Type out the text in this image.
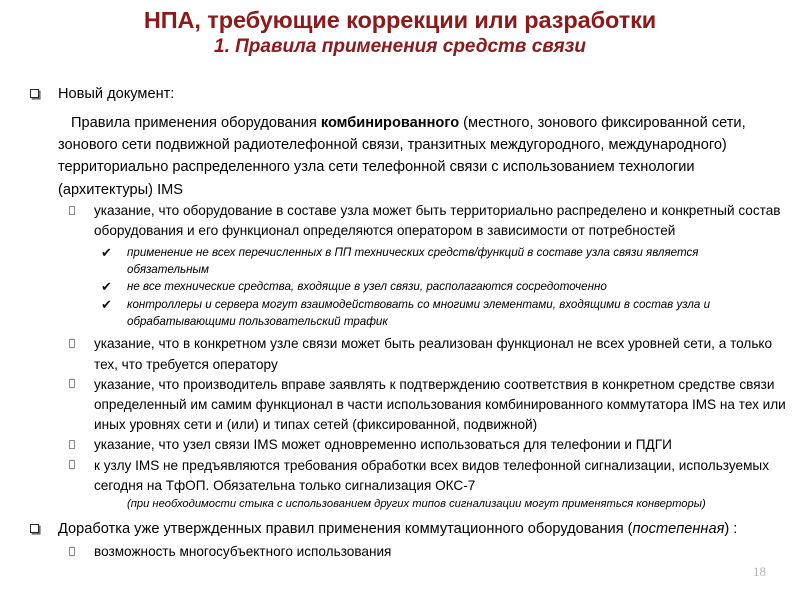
НПА, требующие коррекции или разработки
1. Правила применения средств связи
Новый документ:
Правила применения оборудования комбинированного (местного, зонового фиксированной сети, зонового сети подвижной радиотелефонной связи, транзитных междугородного, международного) территориально распределенного узла сети телефонной связи с использованием технологии (архитектуры) IMS
указание, что оборудование в составе узла может быть территориально распределено и конкретный состав оборудования и его функционал определяются оператором в зависимости от потребностей
✔	применение не всех перечисленных в ПП технических средств/функций в составе узла связи является обязательным
✔	не все технические средства, входящие в узел связи, располагаются сосредоточенно
✔	контроллеры и сервера могут взаимодействовать со многими элементами, входящими в состав узла и обрабатывающими пользовательский трафик
указание, что в конкретном узле связи может быть реализован функционал не всех уровней сети, а только тех, что требуется оператору
указание, что производитель вправе заявлять к подтверждению соответствия в конкретном средстве связи определенный им самим функционал в части использования комбинированного коммутатора IMS на тех или иных уровнях сети и (или) и типах сетей (фиксированной, подвижной)
указание, что узел связи IMS может одновременно использоваться для телефонии и ПДГИ
к узлу IMS не предъявляются требования обработки всех видов телефонной сигнализации, используемых сегодня на ТфОП. Обязательна только сигнализация ОКС-7
(при необходимости стыка с использованием других типов сигнализации могут применяться конверторы)
Доработка уже утвержденных правил применения коммутационного оборудования (постепенная) :
возможность многосубъектного использования
18
